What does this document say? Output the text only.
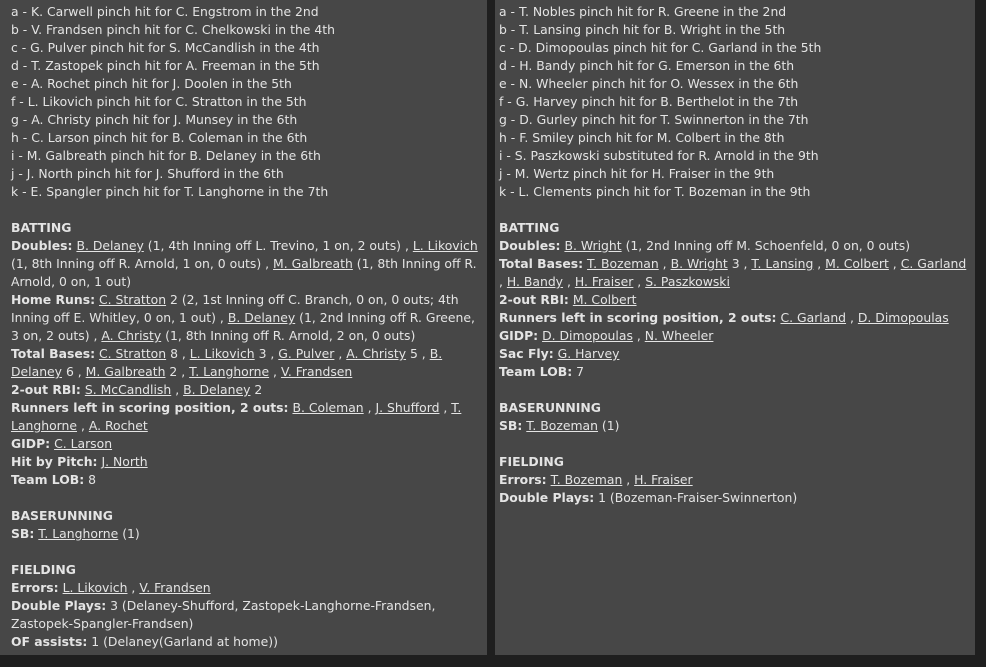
a - K. Carwell pinch hit for C. Engstrom in the 2nd
b - V. Frandsen pinch hit for C. Chelkowski in the 4th
c - G. Pulver pinch hit for S. McCandlish in the 4th
d - T. Zastopek pinch hit for A. Freeman in the 5th
e - A. Rochet pinch hit for J. Doolen in the 5th
f - L. Likovich pinch hit for C. Stratton in the 5th
g - A. Christy pinch hit for J. Munsey in the 6th
h - C. Larson pinch hit for B. Coleman in the 6th
i - M. Galbreath pinch hit for B. Delaney in the 6th
j - J. North pinch hit for J. Shufford in the 6th
k - E. Spangler pinch hit for T. Langhorne in the 7th
BATTING
Doubles: B. Delaney (1, 4th Inning off L. Trevino, 1 on, 2 outs) , L. Likovich (1, 8th Inning off R. Arnold, 1 on, 0 outs) , M. Galbreath (1, 8th Inning off R. Arnold, 0 on, 1 out)
Home Runs: C. Stratton 2 (2, 1st Inning off C. Branch, 0 on, 0 outs; 4th Inning off E. Whitley, 0 on, 1 out) , B. Delaney (1, 2nd Inning off R. Greene, 3 on, 2 outs) , A. Christy (1, 8th Inning off R. Arnold, 2 on, 0 outs)
Total Bases: C. Stratton 8 , L. Likovich 3 , G. Pulver , A. Christy 5 , B. Delaney 6 , M. Galbreath 2 , T. Langhorne , V. Frandsen
2-out RBI: S. McCandlish , B. Delaney 2
Runners left in scoring position, 2 outs: B. Coleman , J. Shufford , T. Langhorne , A. Rochet
GIDP: C. Larson
Hit by Pitch: J. North
Team LOB: 8
BASERUNNING
SB: T. Langhorne (1)
FIELDING
Errors: L. Likovich , V. Frandsen
Double Plays: 3 (Delaney-Shufford, Zastopek-Langhorne-Frandsen, Zastopek-Spangler-Frandsen)
OF assists: 1 (Delaney(Garland at home))
a - T. Nobles pinch hit for R. Greene in the 2nd
b - T. Lansing pinch hit for B. Wright in the 5th
c - D. Dimopoulas pinch hit for C. Garland in the 5th
d - H. Bandy pinch hit for G. Emerson in the 6th
e - N. Wheeler pinch hit for O. Wessex in the 6th
f - G. Harvey pinch hit for B. Berthelot in the 7th
g - D. Gurley pinch hit for T. Swinnerton in the 7th
h - F. Smiley pinch hit for M. Colbert in the 8th
i - S. Paszkowski substituted for R. Arnold in the 9th
j - M. Wertz pinch hit for H. Fraiser in the 9th
k - L. Clements pinch hit for T. Bozeman in the 9th
BATTING
Doubles: B. Wright (1, 2nd Inning off M. Schoenfeld, 0 on, 0 outs)
Total Bases: T. Bozeman , B. Wright 3 , T. Lansing , M. Colbert , C. Garland , H. Bandy , H. Fraiser , S. Paszkowski
2-out RBI: M. Colbert
Runners left in scoring position, 2 outs: C. Garland , D. Dimopoulas
GIDP: D. Dimopoulas , N. Wheeler
Sac Fly: G. Harvey
Team LOB: 7
BASERUNNING
SB: T. Bozeman (1)
FIELDING
Errors: T. Bozeman , H. Fraiser
Double Plays: 1 (Bozeman-Fraiser-Swinnerton)
